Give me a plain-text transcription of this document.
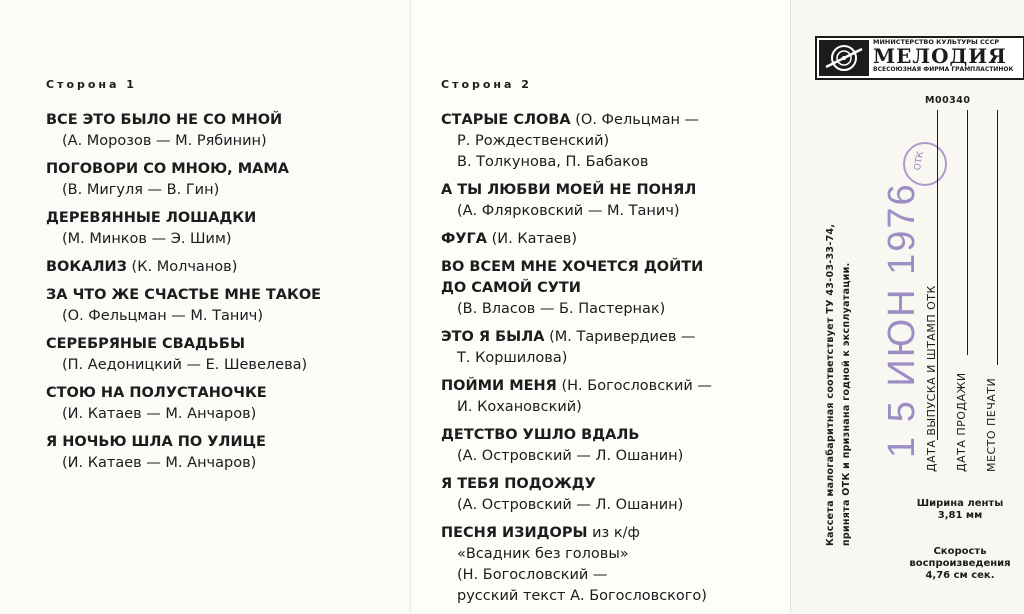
Сторона 1
ВСЕ ЭТО БЫЛО НЕ СО МНОЙ
(А. Морозов — М. Рябинин)
ПОГОВОРИ СО МНОЮ, МАМА
(В. Мигуля — В. Гин)
ДЕРЕВЯННЫЕ ЛОШАДКИ
(М. Минков — Э. Шим)
ВОКАЛИЗ (К. Молчанов)
ЗА ЧТО ЖЕ СЧАСТЬЕ МНЕ ТАКОЕ
(О. Фельцман — М. Танич)
СЕРЕБРЯНЫЕ СВАДЬБЫ
(П. Аедоницкий — Е. Шевелева)
СТОЮ НА ПОЛУСТАНОЧКЕ
(И. Катаев — М. Анчаров)
Я НОЧЬЮ ШЛА ПО УЛИЦЕ
(И. Катаев — М. Анчаров)
Сторона 2
СТАРЫЕ СЛОВА (О. Фельцман —
Р. Рождественский)
В. Толкунова, П. Бабаков
А ТЫ ЛЮБВИ МОЕЙ НЕ ПОНЯЛ
(А. Флярковский — М. Танич)
ФУГА (И. Катаев)
ВО ВСЕМ МНЕ ХОЧЕТСЯ ДОЙТИ
ДО САМОЙ СУТИ
(В. Власов — Б. Пастернак)
ЭТО Я БЫЛА (М. Таривердиев —
Т. Коршилова)
ПОЙМИ МЕНЯ (Н. Богословский —
И. Кохановский)
ДЕТСТВО УШЛО ВДАЛЬ
(А. Островский — Л. Ошанин)
Я ТЕБЯ ПОДОЖДУ
(А. Островский — Л. Ошанин)
ПЕСНЯ ИЗИДОРЫ из к/ф
«Всадник без головы»
(Н. Богословский —
русский текст А. Богословского)
МИНИСТЕРСТВО КУЛЬТУРЫ СССР
МЕЛОДИЯ
ВСЕСОЮЗНАЯ ФИРМА ГРАМПЛАСТИНОК
М00340
Кассета малогабаритная соответствует ТУ 43-03-33-74, принята ОТК и признана годной к эксплуатации.
ОТК
1 5 ИЮН 1976 ДАТА ВЫПУСКА И ШТАМП ОТК ДАТА ПРОДАЖИ МЕСТО ПЕЧАТИ
Ширина ленты
3,81 мм
Скорость
воспроизведения
4,76 см сек.
